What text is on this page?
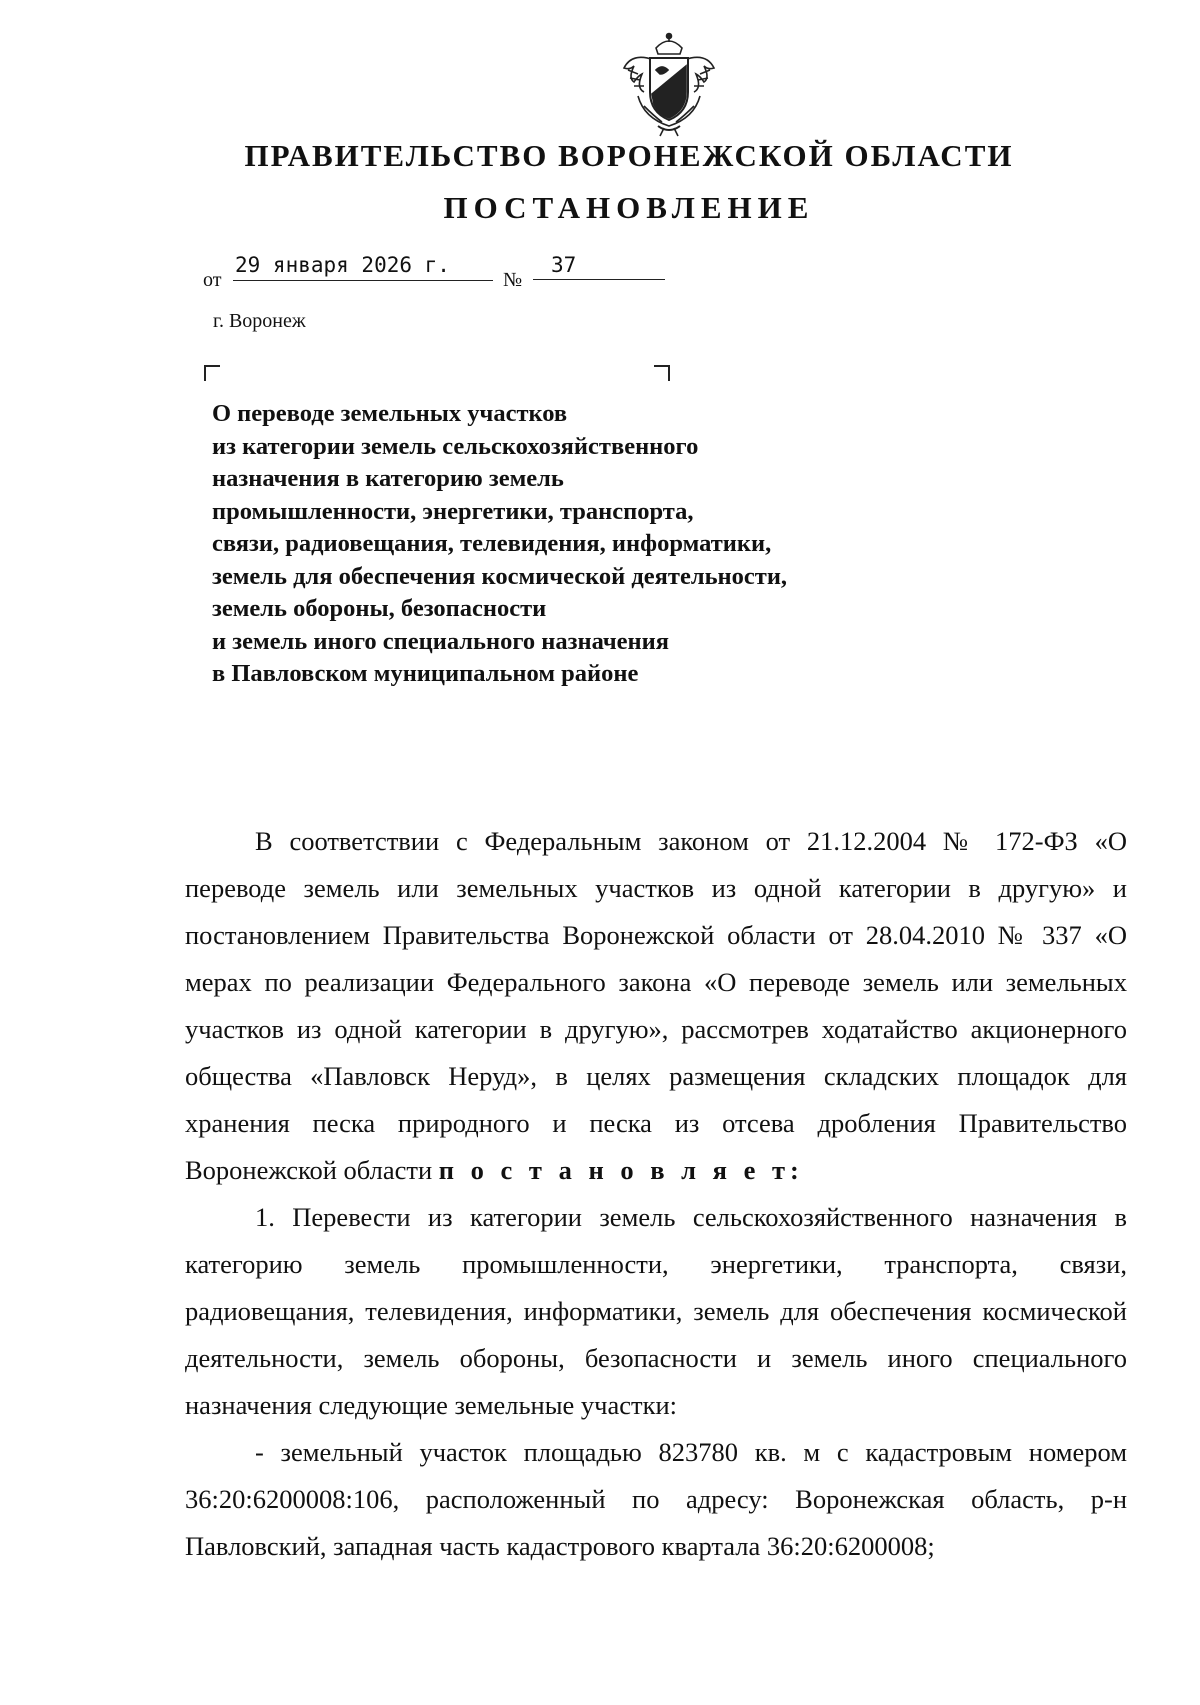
ПРАВИТЕЛЬСТВО ВОРОНЕЖСКОЙ ОБЛАСТИ
ПОСТАНОВЛЕНИЕ
от
29 января 2026 г.
№
37
г. Воронеж
О переводе земельных участков
из категории земель сельскохозяйственного
назначения в категорию земель
промышленности, энергетики, транспорта,
связи, радиовещания, телевидения, информатики,
земель для обеспечения космической деятельности,
земель обороны, безопасности
и земель иного специального назначения
в Павловском муниципальном районе

В соответствии с Федеральным законом от 21.12.2004 № 172-ФЗ «О переводе земель или земельных участков из одной категории в другую» и постановлением Правительства Воронежской области от 28.04.2010 № 337 «О мерах по реализации Федерального закона «О переводе земель или земельных участков из одной категории в другую», рассмотрев ходатайство акционерного общества «Павловск Неруд», в целях размещения складских площадок для хранения песка природного и песка из отсева дробления Правительство Воронежской области п о с т а н о в л я е т:

1. Перевести из категории земель сельскохозяйственного назначения в категорию земель промышленности, энергетики, транспорта, связи, радиовещания, телевидения, информатики, земель для обеспечения космической деятельности, земель обороны, безопасности и земель иного специального назначения следующие земельные участки:

- земельный участок площадью 823780 кв. м с кадастровым номером 36:20:6200008:106, расположенный по адресу: Воронежская область, р-н Павловский, западная часть кадастрового квартала 36:20:6200008;
